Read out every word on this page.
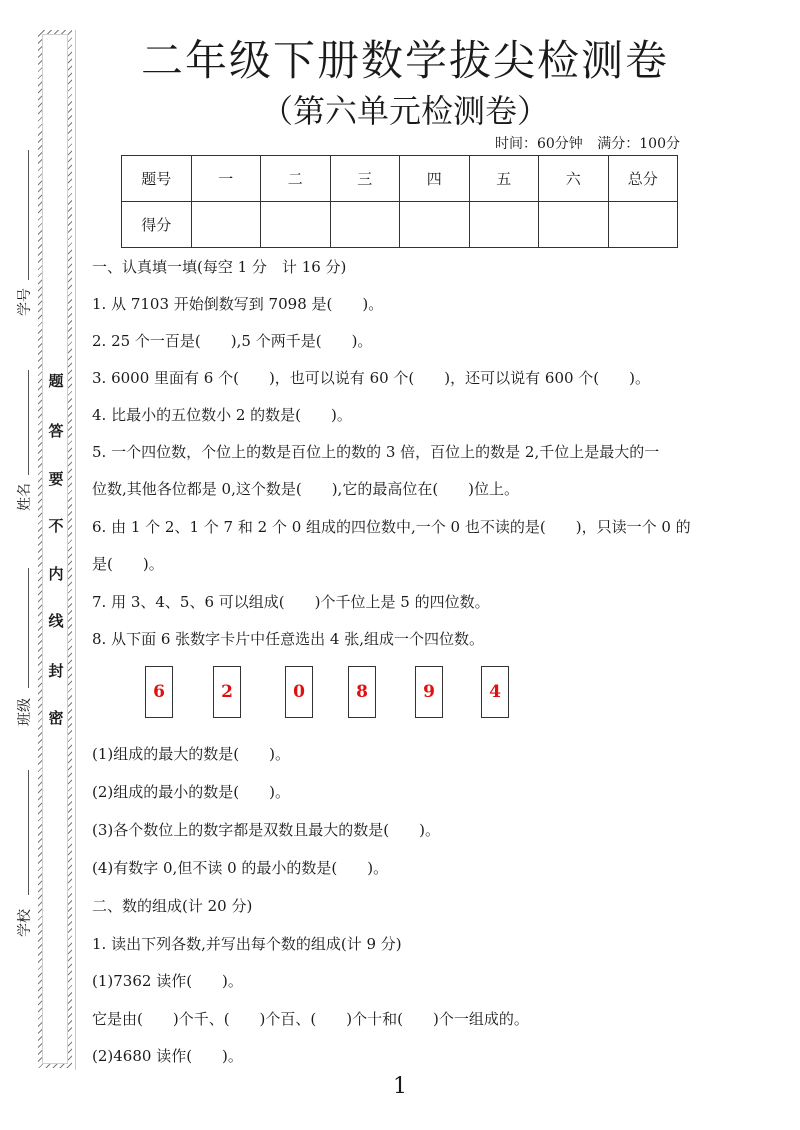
题
答
要
不
内
线
封
密
学号
姓名
班级
学校
二年级下册数学拔尖检测卷
（第六单元检测卷）
时间：60分钟 满分：100分
题号	一	二	三	四	五	六	总分
得分							
一、认真填一填(每空 1 分　计 16 分)
1. 从 7103 开始倒数写到 7098 是(　　)。
2. 25 个一百是(　　),5 个两千是(　　)。
3. 6000 里面有 6 个(　　)，也可以说有 60 个(　　)，还可以说有 600 个(　　)。
4. 比最小的五位数小 2 的数是(　　)。
5. 一个四位数，个位上的数是百位上的数的 3 倍，百位上的数是 2,千位上是最大的一
位数,其他各位都是 0,这个数是(　　),它的最高位在(　　)位上。
6. 由 1 个 2、1 个 7 和 2 个 0 组成的四位数中,一个 0 也不读的是(　　)，只读一个 0 的
是(　　)。
7. 用 3、4、5、6 可以组成(　　)个千位上是 5 的四位数。
8. 从下面 6 张数字卡片中任意选出 4 张,组成一个四位数。
6	2	0	8	9	4
(1)组成的最大的数是(　　)。
(2)组成的最小的数是(　　)。
(3)各个数位上的数字都是双数且最大的数是(　　)。
(4)有数字 0,但不读 0 的最小的数是(　　)。
二、数的组成(计 20 分)
1. 读出下列各数,并写出每个数的组成(计 9 分)
(1)7362 读作(　　)。
它是由(　　)个千、(　　)个百、(　　)个十和(　　)个一组成的。
(2)4680 读作(　　)。
1
